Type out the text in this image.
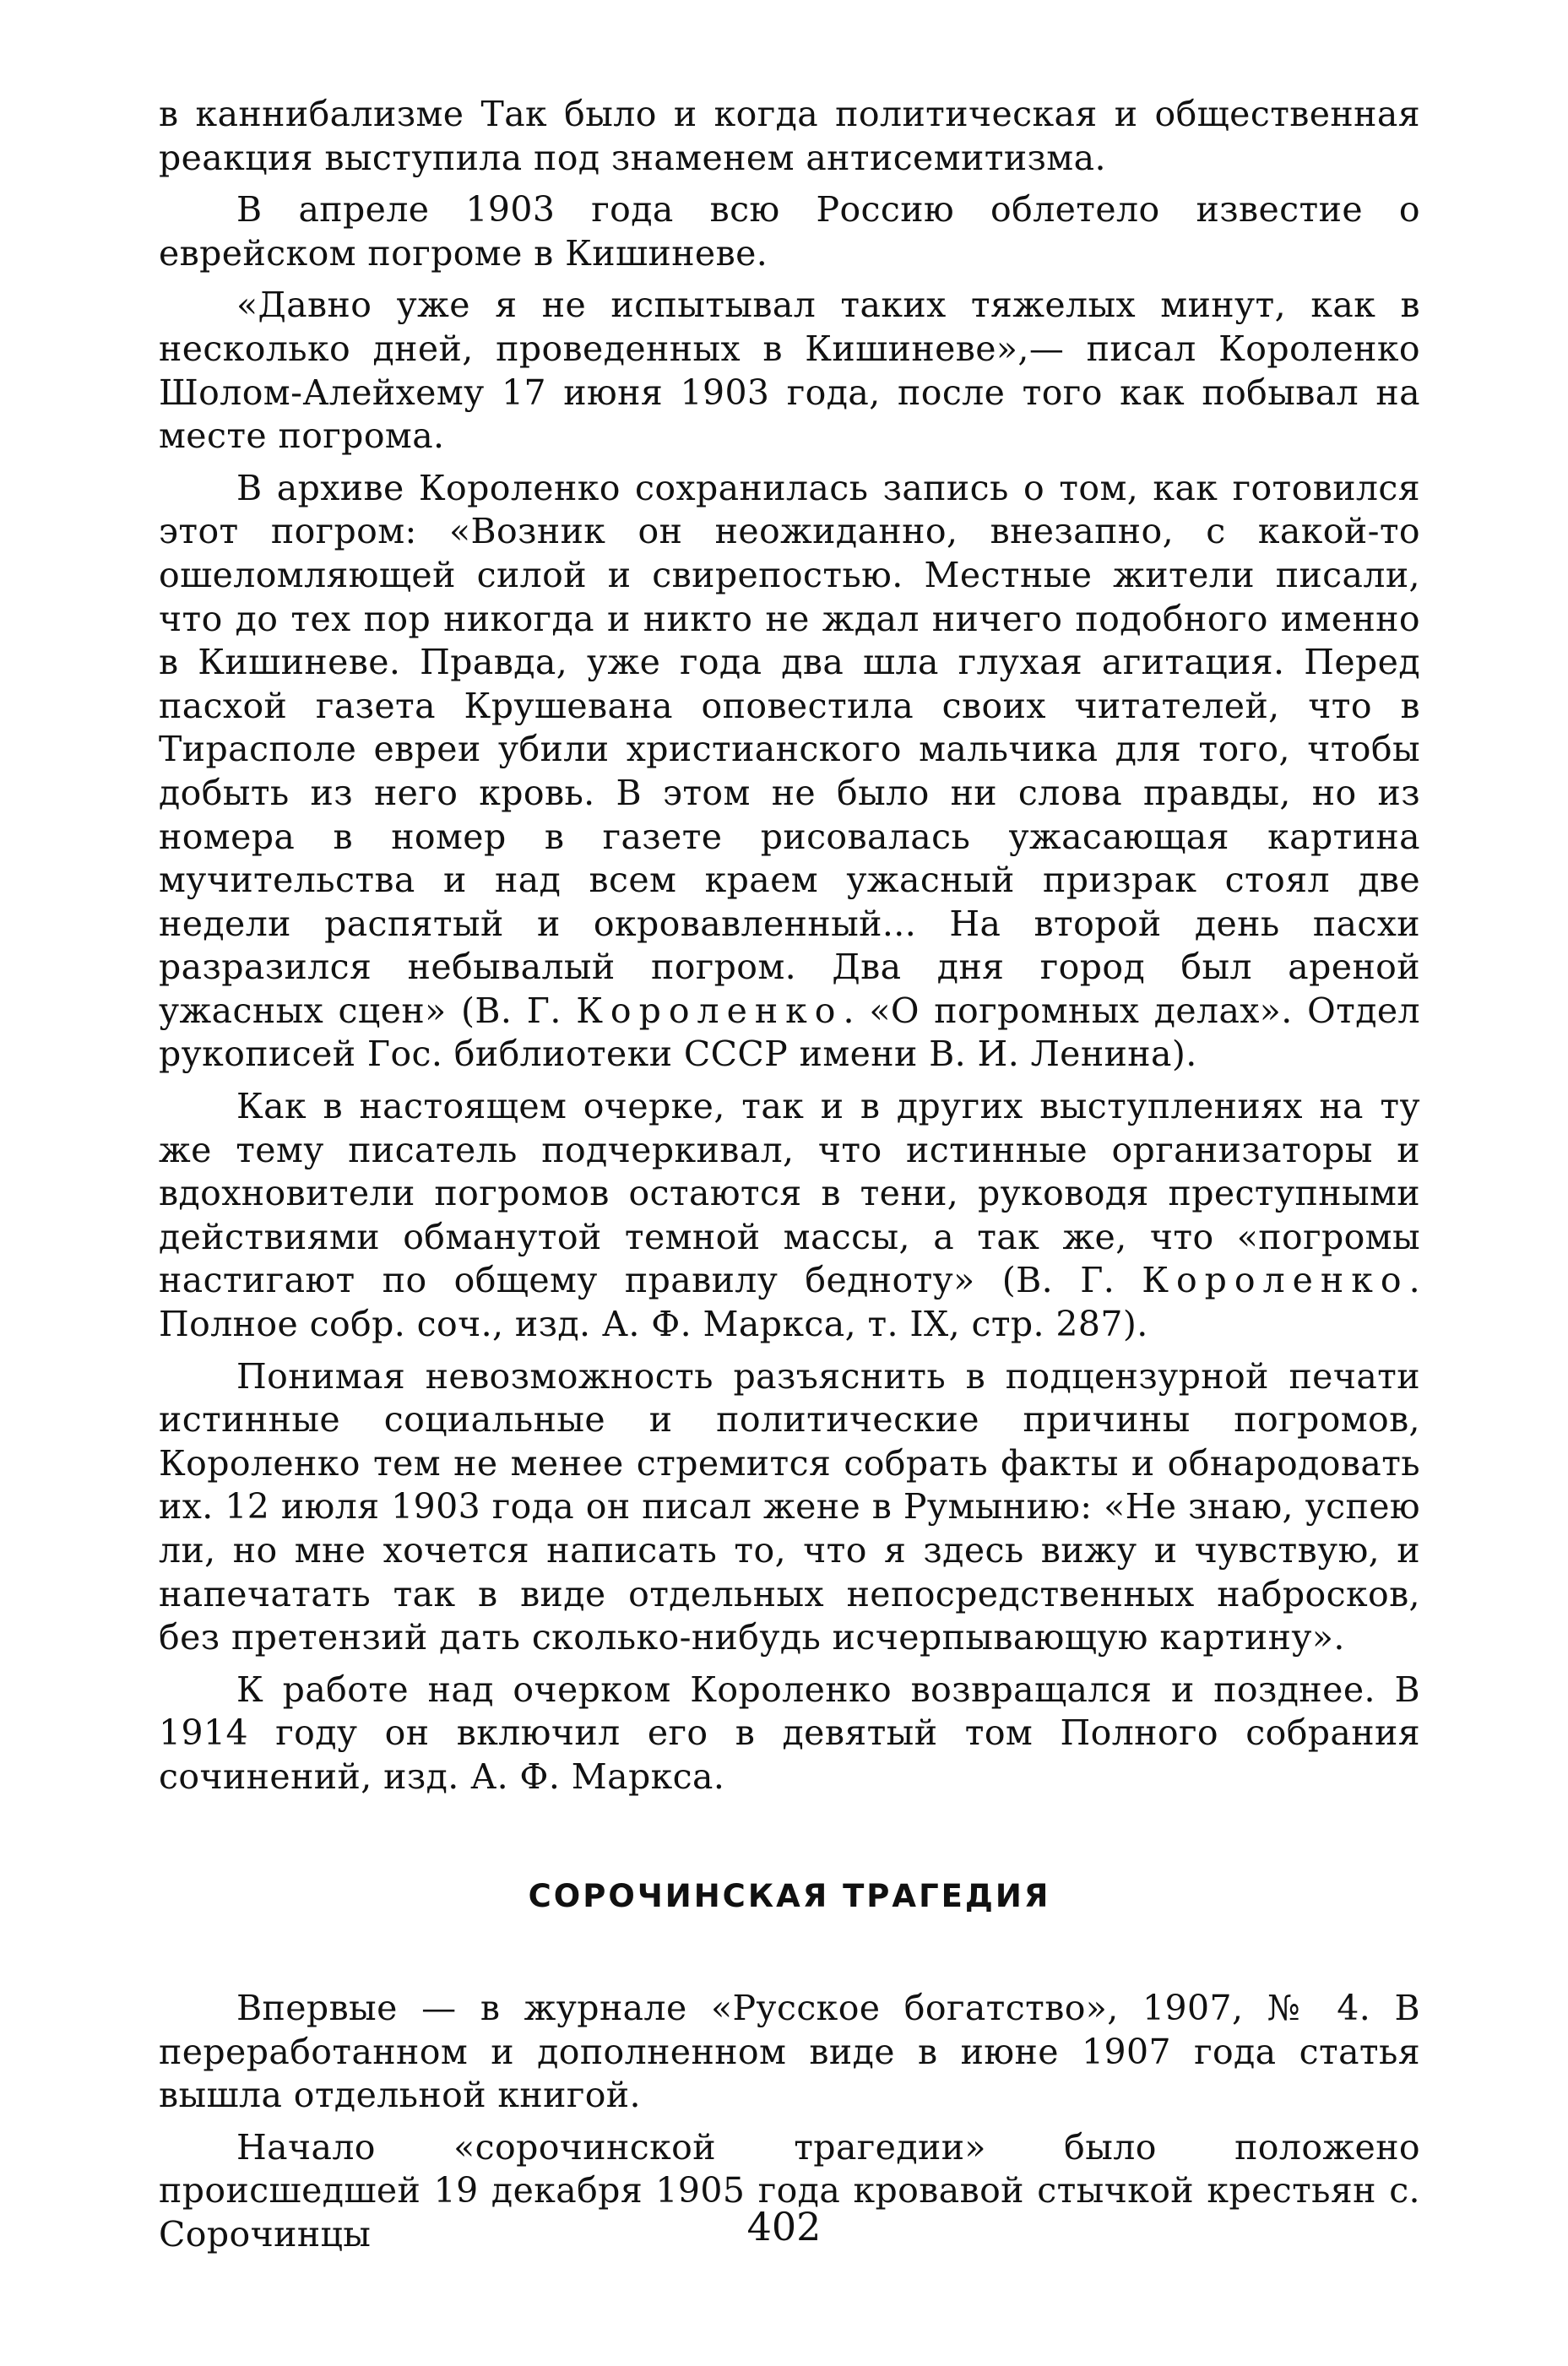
в каннибализме Так было и когда политическая и общественная реакция выступила под знаменем антисемитизма.

В апреле 1903 года всю Россию облетело известие о еврейском погроме в Кишиневе.

«Давно уже я не испытывал таких тяжелых минут, как в несколько дней, проведенных в Кишиневе»,— писал Короленко Шолом-Алейхему 17 июня 1903 года, после того как побывал на месте погрома.

В архиве Короленко сохранилась запись о том, как готовился этот погром: «Возник он неожиданно, внезапно, с какой-то ошеломляющей силой и свирепостью. Местные жители писали, что до тех пор никогда и никто не ждал ничего подобного именно в Кишиневе. Правда, уже года два шла глухая агитация. Перед пасхой газета Крушевана оповестила своих читателей, что в Тирасполе евреи убили христианского мальчика для того, чтобы добыть из него кровь. В этом не было ни слова правды, но из номера в номер в газете рисовалась ужасающая картина мучительства и над всем краем ужасный призрак стоял две недели распятый и окровавленный... На второй день пасхи разразился небывалый погром. Два дня город был ареной ужасных сцен» (В. Г. Короленко. «О погромных делах». Отдел рукописей Гос. библиотеки СССР имени В. И. Ленина).

Как в настоящем очерке, так и в других выступлениях на ту же тему писатель подчеркивал, что истинные организаторы и вдохновители погромов остаются в тени, руководя преступными действиями обманутой темной массы, а так же, что «погромы настигают по общему правилу бедноту» (В. Г. Короленко. Полное собр. соч., изд. А. Ф. Маркса, т. IX, стр. 287).

Понимая невозможность разъяснить в подцензурной печати истинные социальные и политические причины погромов, Короленко тем не менее стремится собрать факты и обнародовать их. 12 июля 1903 года он писал жене в Румынию: «Не знаю, успею ли, но мне хочется написать то, что я здесь вижу и чувствую, и напечатать так в виде отдельных непосредственных набросков, без претензий дать сколько-нибудь исчерпывающую картину».

К работе над очерком Короленко возвращался и позднее. В 1914 году он включил его в девятый том Полного собрания сочинений, изд. А. Ф. Маркса.

СОРОЧИНСКАЯ ТРАГЕДИЯ

Впервые — в журнале «Русское богатство», 1907, № 4. В переработанном и дополненном виде в июне 1907 года статья вышла отдельной книгой.

Начало «сорочинской трагедии» было положено происшедшей 19 декабря 1905 года кровавой стычкой крестьян с. Сорочинцы	402
